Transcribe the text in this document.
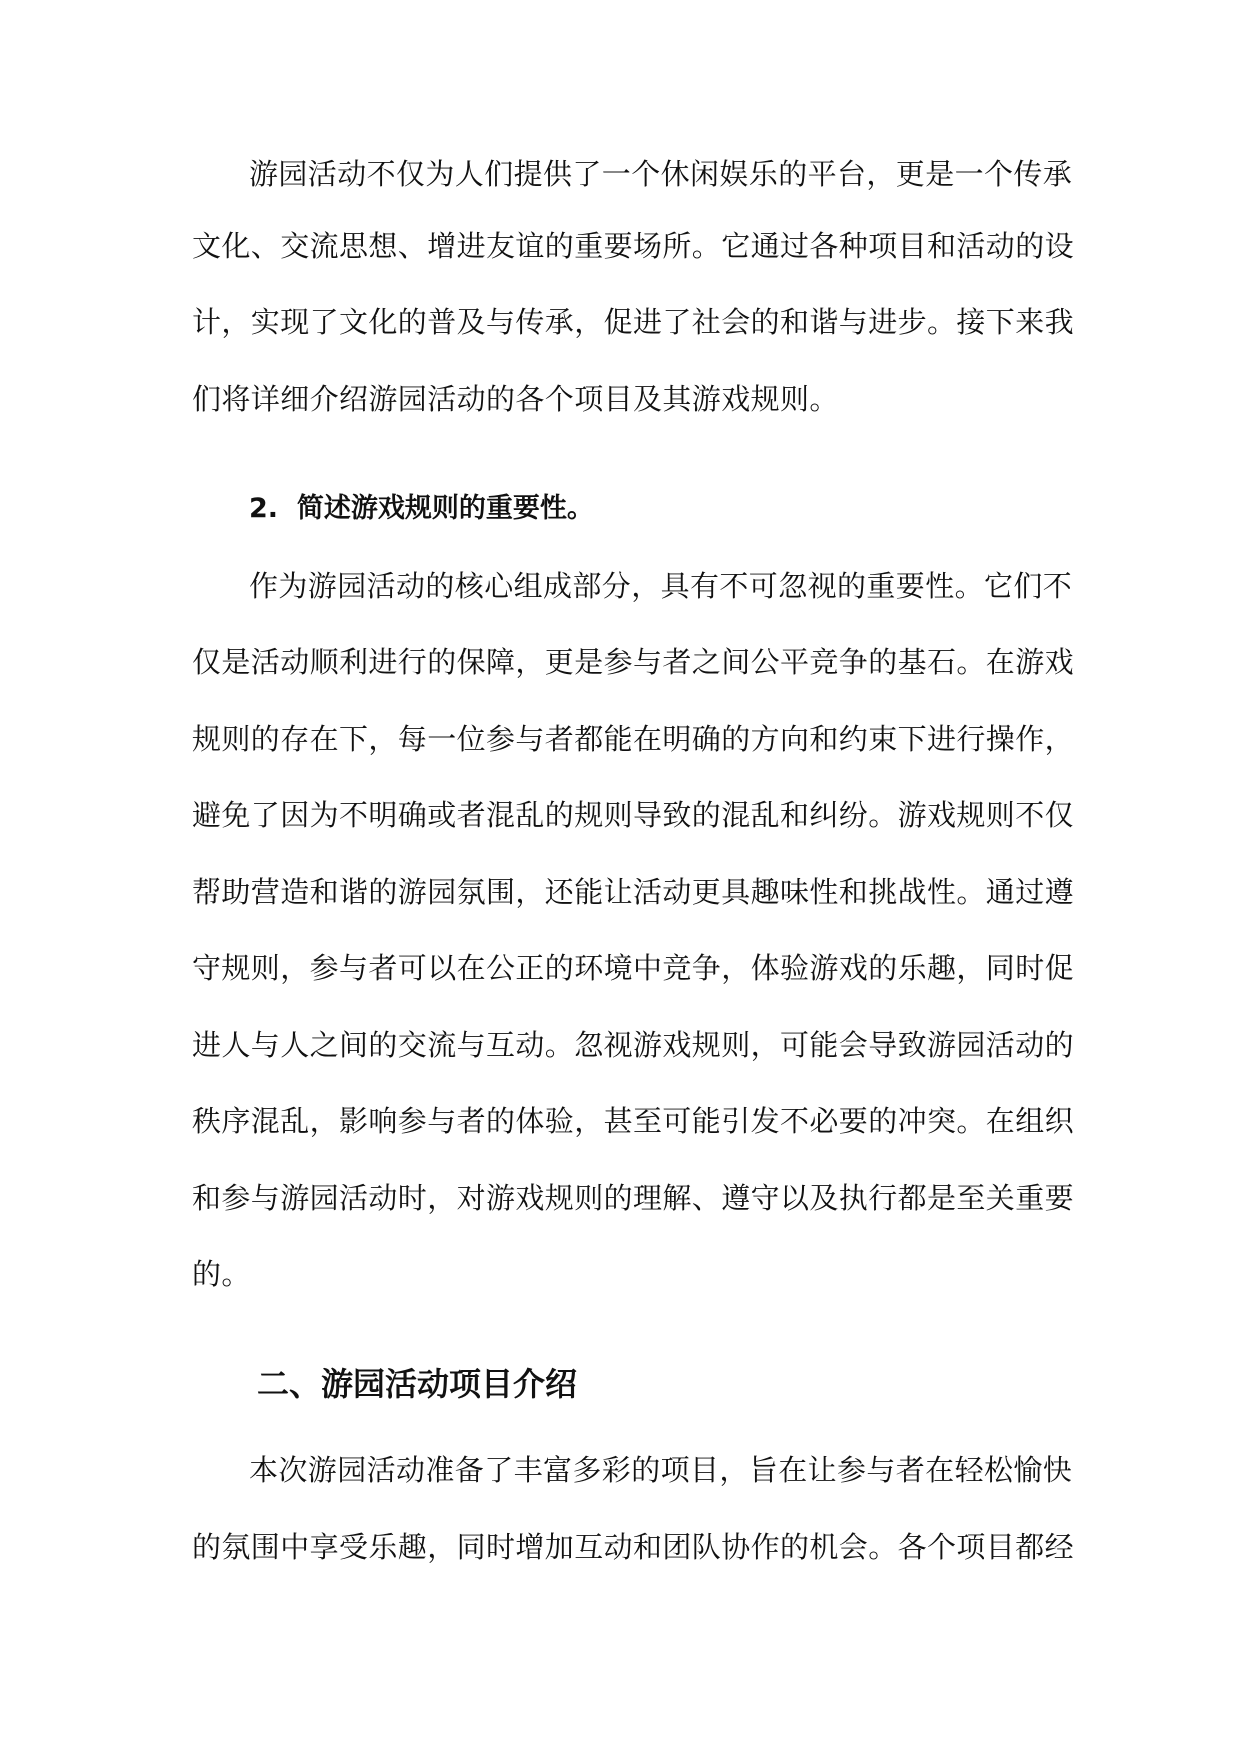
游园活动不仅为人们提供了一个休闲娱乐的平台，更是一个传承
文化、交流思想、增进友谊的重要场所。它通过各种项目和活动的设
计，实现了文化的普及与传承，促进了社会的和谐与进步。接下来我
们将详细介绍游园活动的各个项目及其游戏规则。
2. 简述游戏规则的重要性。
作为游园活动的核心组成部分，具有不可忽视的重要性。它们不
仅是活动顺利进行的保障，更是参与者之间公平竞争的基石。在游戏
规则的存在下，每一位参与者都能在明确的方向和约束下进行操作，
避免了因为不明确或者混乱的规则导致的混乱和纠纷。游戏规则不仅
帮助营造和谐的游园氛围，还能让活动更具趣味性和挑战性。通过遵
守规则，参与者可以在公正的环境中竞争，体验游戏的乐趣，同时促
进人与人之间的交流与互动。忽视游戏规则，可能会导致游园活动的
秩序混乱，影响参与者的体验，甚至可能引发不必要的冲突。在组织
和参与游园活动时，对游戏规则的理解、遵守以及执行都是至关重要
的。
二、游园活动项目介绍
本次游园活动准备了丰富多彩的项目，旨在让参与者在轻松愉快
的氛围中享受乐趣，同时增加互动和团队协作的机会。各个项目都经
